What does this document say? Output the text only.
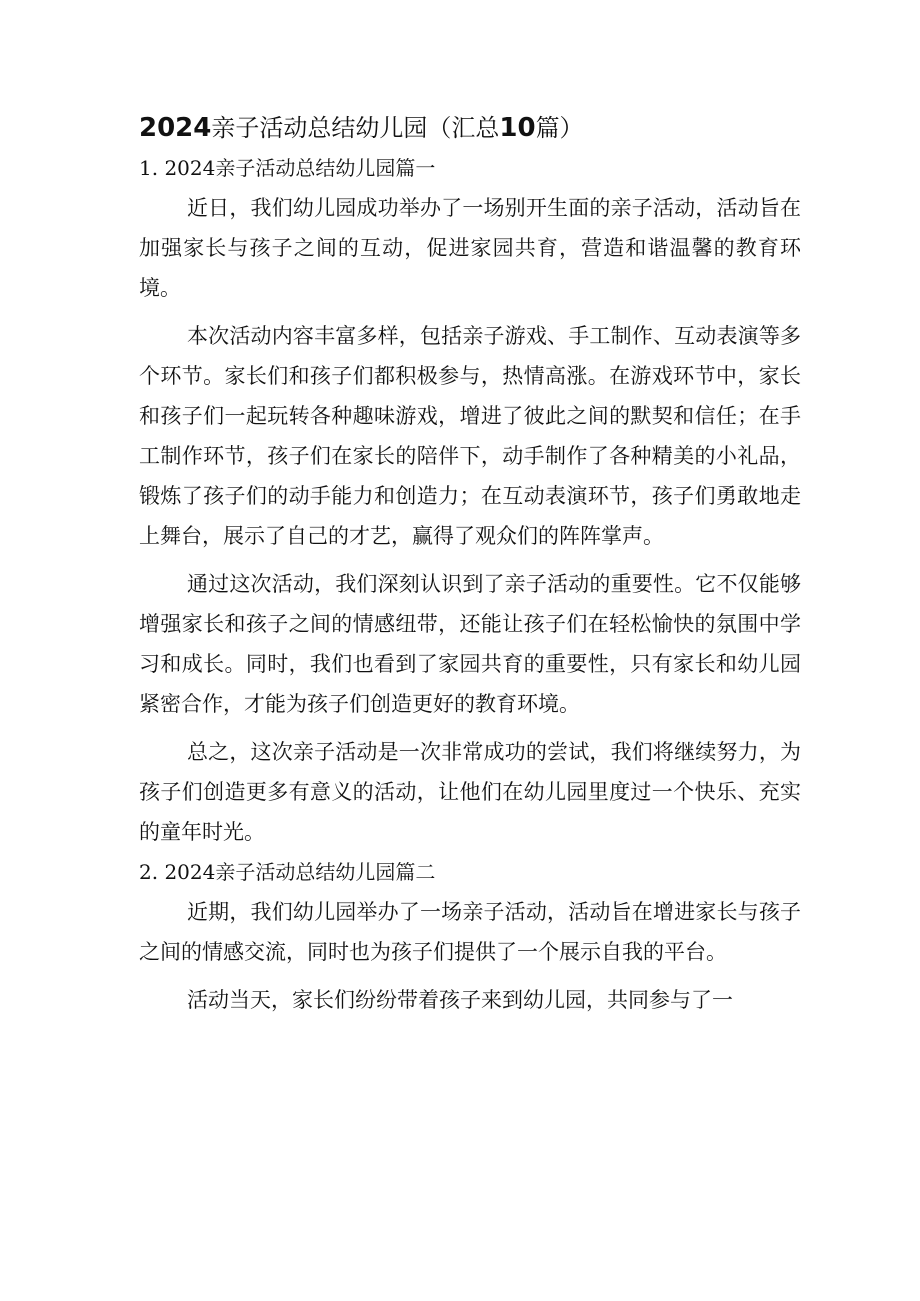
2024亲子活动总结幼儿园（汇总10篇）
1. 2024亲子活动总结幼儿园篇一

近日，我们幼儿园成功举办了一场别开生面的亲子活动，活动旨在加强家长与孩子之间的互动，促进家园共育，营造和谐温馨的教育环境。

本次活动内容丰富多样，包括亲子游戏、手工制作、互动表演等多个环节。家长们和孩子们都积极参与，热情高涨。在游戏环节中，家长和孩子们一起玩转各种趣味游戏，增进了彼此之间的默契和信任；在手工制作环节，孩子们在家长的陪伴下，动手制作了各种精美的小礼品，锻炼了孩子们的动手能力和创造力；在互动表演环节，孩子们勇敢地走上舞台，展示了自己的才艺，赢得了观众们的阵阵掌声。

通过这次活动，我们深刻认识到了亲子活动的重要性。它不仅能够增强家长和孩子之间的情感纽带，还能让孩子们在轻松愉快的氛围中学习和成长。同时，我们也看到了家园共育的重要性，只有家长和幼儿园紧密合作，才能为孩子们创造更好的教育环境。

总之，这次亲子活动是一次非常成功的尝试，我们将继续努力，为孩子们创造更多有意义的活动，让他们在幼儿园里度过一个快乐、充实的童年时光。

2. 2024亲子活动总结幼儿园篇二

近期，我们幼儿园举办了一场亲子活动，活动旨在增进家长与孩子之间的情感交流，同时也为孩子们提供了一个展示自我的平台。

活动当天，家长们纷纷带着孩子来到幼儿园，共同参与了一
